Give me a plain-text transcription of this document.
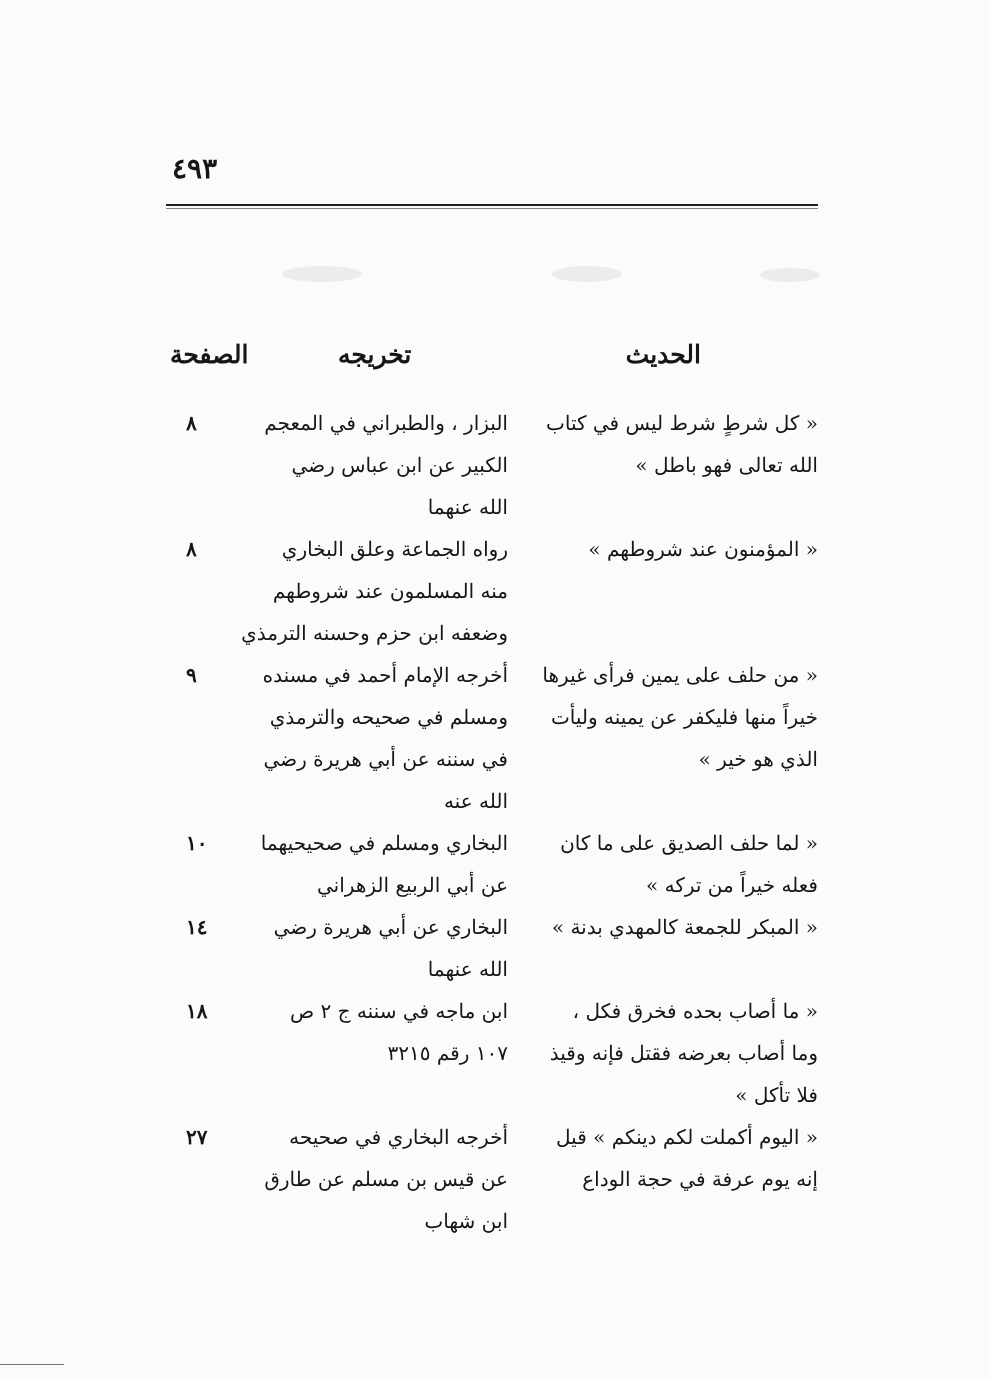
٤٩٣
الحديث
تخريجه
الصفحة
« كل شرطٍ شرط ليس في كتاب
الله تعالى فهو باطل »
البزار ، والطبراني في المعجم
الكبير عن ابن عباس رضي
الله عنهما
٨
« المؤمنون عند شروطهم »
رواه الجماعة وعلق البخاري
منه المسلمون عند شروطهم
وضعفه ابن حزم وحسنه الترمذي
٨
« من حلف على يمين فرأى غيرها
خيراً منها فليكفر عن يمينه وليأت
الذي هو خير »
أخرجه الإمام أحمد في مسنده
ومسلم في صحيحه والترمذي
في سننه عن أبي هريرة رضي
الله عنه
٩
« لما حلف الصديق على ما كان
فعله خيراً من تركه »
البخاري ومسلم في صحيحيهما
عن أبي الربيع الزهراني
١٠
« المبكر للجمعة كالمهدي بدنة »
البخاري عن أبي هريرة رضي
الله عنهما
١٤
« ما أصاب بحده فخرق فكل ،
وما أصاب بعرضه فقتل فإنه وقيذ
فلا تأكل »
ابن ماجه في سننه ج ٢ ص
١٠٧ رقم ٣٢١٥
١٨
« اليوم أكملت لكم دينكم » قيل
إنه يوم عرفة في حجة الوداع
أخرجه البخاري في صحيحه
عن قيس بن مسلم عن طارق
ابن شهاب
٢٧
